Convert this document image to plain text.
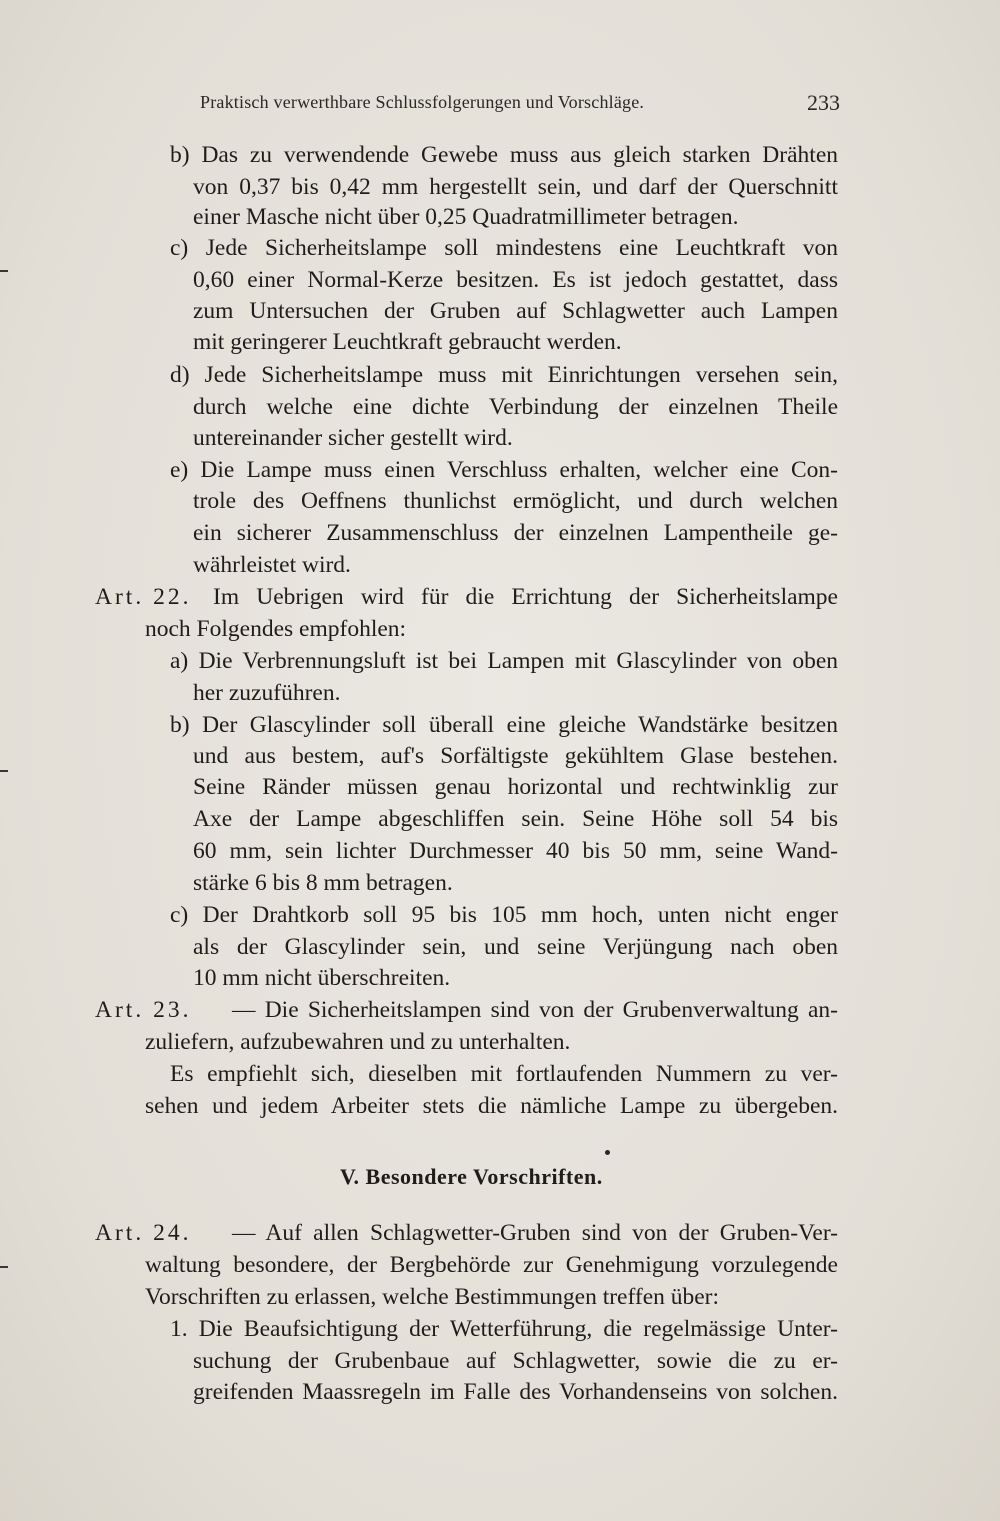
Praktisch verwerthbare Schlussfolgerungen und Vorschläge.	233
b) Das zu verwendende Gewebe muss aus gleich starken Drähten
von 0,37 bis 0,42 mm hergestellt sein, und darf der Querschnitt
einer Masche nicht über 0,25 Quadratmillimeter betragen.
c) Jede Sicherheitslampe soll mindestens eine Leuchtkraft von
0,60 einer Normal-Kerze besitzen. Es ist jedoch gestattet, dass
zum Untersuchen der Gruben auf Schlagwetter auch Lampen
mit geringerer Leuchtkraft gebraucht werden.
d) Jede Sicherheitslampe muss mit Einrichtungen versehen sein,
durch welche eine dichte Verbindung der einzelnen Theile
untereinander sicher gestellt wird.
e) Die Lampe muss einen Verschluss erhalten, welcher eine Con-
trole des Oeffnens thunlichst ermöglicht, und durch welchen
ein sicherer Zusammenschluss der einzelnen Lampentheile ge-
währleistet wird.
Art. 22. Im Uebrigen wird für die Errichtung der Sicherheitslampe
noch Folgendes empfohlen:
a) Die Verbrennungsluft ist bei Lampen mit Glascylinder von oben
her zuzuführen.
b) Der Glascylinder soll überall eine gleiche Wandstärke besitzen
und aus bestem, auf's Sorfältigste gekühltem Glase bestehen.
Seine Ränder müssen genau horizontal und rechtwinklig zur
Axe der Lampe abgeschliffen sein. Seine Höhe soll 54 bis
60 mm, sein lichter Durchmesser 40 bis 50 mm, seine Wand-
stärke 6 bis 8 mm betragen.
c) Der Drahtkorb soll 95 bis 105 mm hoch, unten nicht enger
als der Glascylinder sein, und seine Verjüngung nach oben
10 mm nicht überschreiten.
Art. 23. — Die Sicherheitslampen sind von der Grubenverwaltung an-
zuliefern, aufzubewahren und zu unterhalten.
Es empfiehlt sich, dieselben mit fortlaufenden Nummern zu ver-
sehen und jedem Arbeiter stets die nämliche Lampe zu übergeben.
V. Besondere Vorschriften.
Art. 24. — Auf allen Schlagwetter-Gruben sind von der Gruben-Ver-
waltung besondere, der Bergbehörde zur Genehmigung vorzulegende
Vorschriften zu erlassen, welche Bestimmungen treffen über:
1. Die Beaufsichtigung der Wetterführung, die regelmässige Unter-
suchung der Grubenbaue auf Schlagwetter, sowie die zu er-
greifenden Maassregeln im Falle des Vorhandenseins von solchen.
